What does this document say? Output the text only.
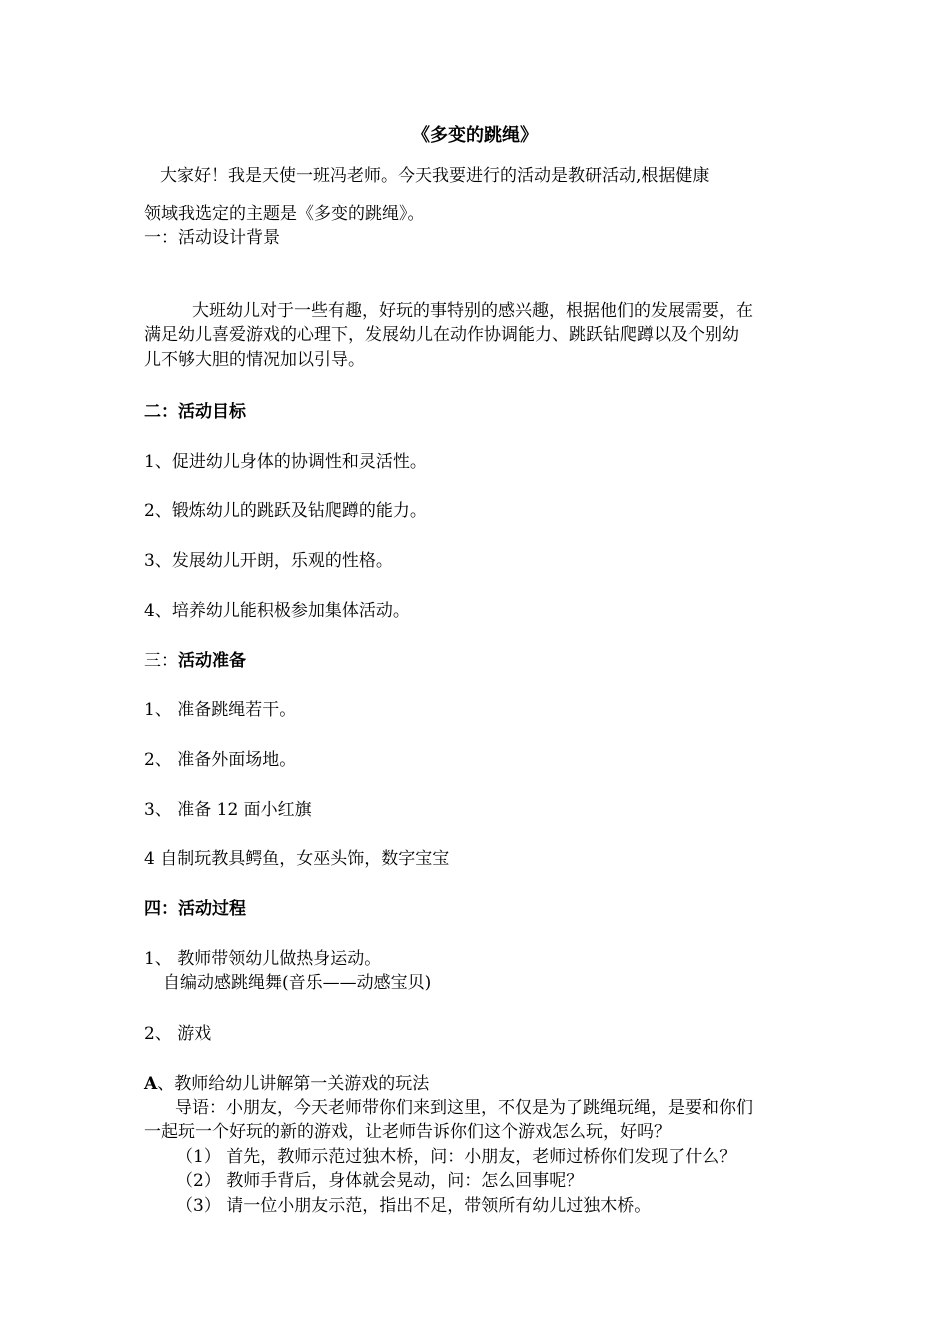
《多变的跳绳》
大家好！我是天使一班冯老师。今天我要进行的活动是教研活动,根据健康
领域我选定的主题是《多变的跳绳》。
一：活动设计背景
大班幼儿对于一些有趣，好玩的事特别的感兴趣，根据他们的发展需要，在
满足幼儿喜爱游戏的心理下，发展幼儿在动作协调能力、跳跃钻爬蹲以及个别幼
儿不够大胆的情况加以引导。
二：活动目标
1、促进幼儿身体的协调性和灵活性。
2、锻炼幼儿的跳跃及钻爬蹲的能力。
3、发展幼儿开朗，乐观的性格。
4、培养幼儿能积极参加集体活动。
三：活动准备
1、 准备跳绳若干。
2、 准备外面场地。
3、 准备 12 面小红旗
4 自制玩教具鳄鱼，女巫头饰，数字宝宝
四：活动过程
1、 教师带领幼儿做热身运动。
自编动感跳绳舞(音乐——动感宝贝)
2、 游戏
A、教师给幼儿讲解第一关游戏的玩法
导语：小朋友，今天老师带你们来到这里，不仅是为了跳绳玩绳，是要和你们
一起玩一个好玩的新的游戏，让老师告诉你们这个游戏怎么玩，好吗？
（1） 首先，教师示范过独木桥，问：小朋友，老师过桥你们发现了什么？
（2） 教师手背后，身体就会晃动，问：怎么回事呢？
（3） 请一位小朋友示范，指出不足，带领所有幼儿过独木桥。
